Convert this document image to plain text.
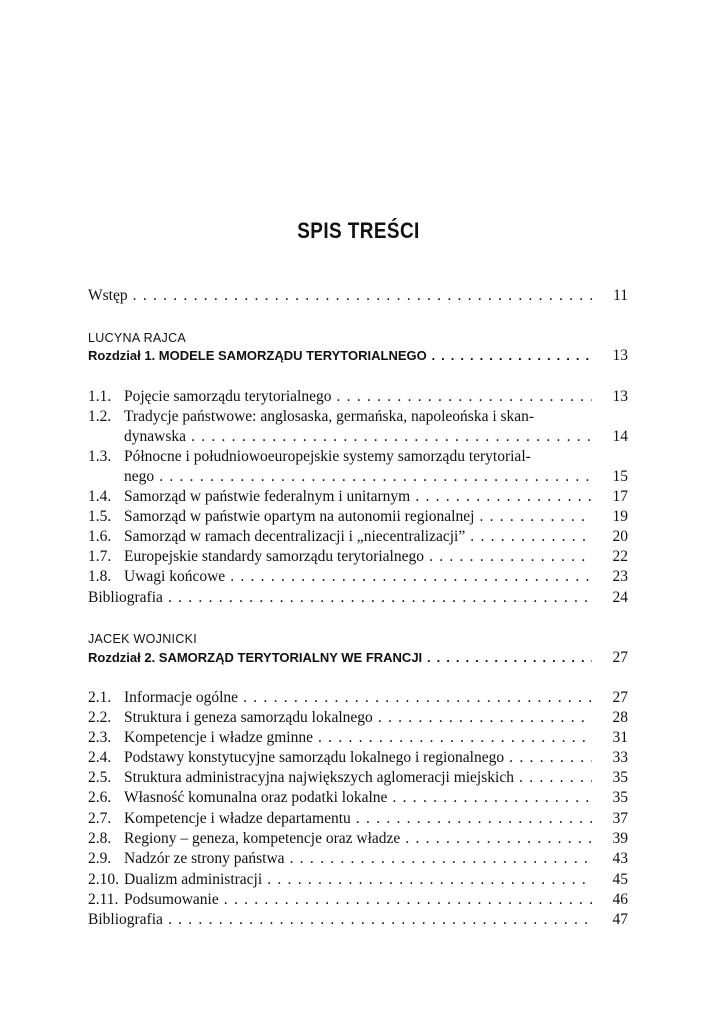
SPIS TREŚCI
Wstęp . . .	11
LUCYNA RAJCA
Rozdział 1. MODELE SAMORZĄDU TERYTORIALNEGO . . .	13
1.1. Pojęcie samorządu terytorialnego . . .	13
1.2. Tradycje państwowe: anglosaska, germańska, napoleońska i skan-
dynawska . . .	14
1.3. Północne i południowoeuropejskie systemy samorządu terytorial-
nego . . .	15
1.4. Samorząd w państwie federalnym i unitarnym . . .	17
1.5. Samorząd w państwie opartym na autonomii regionalnej . . .	19
1.6. Samorząd w ramach decentralizacji i „niecentralizacji” . . .	20
1.7. Europejskie standardy samorządu terytorialnego . . .	22
1.8. Uwagi końcowe . . .	23
Bibliografia . . .	24
JACEK WOJNICKI
Rozdział 2. SAMORZĄD TERYTORIALNY WE FRANCJI . . .	27
2.1. Informacje ogólne . . .	27
2.2. Struktura i geneza samorządu lokalnego . . .	28
2.3. Kompetencje i władze gminne . . .	31
2.4. Podstawy konstytucyjne samorządu lokalnego i regionalnego . . .	33
2.5. Struktura administracyjna największych aglomeracji miejskich . . .	35
2.6. Własność komunalna oraz podatki lokalne . . .	35
2.7. Kompetencje i władze departamentu . . .	37
2.8. Regiony – geneza, kompetencje oraz władze . . .	39
2.9. Nadzór ze strony państwa . . .	43
2.10. Dualizm administracji . . .	45
2.11. Podsumowanie . . .	46
Bibliografia . . .	47
